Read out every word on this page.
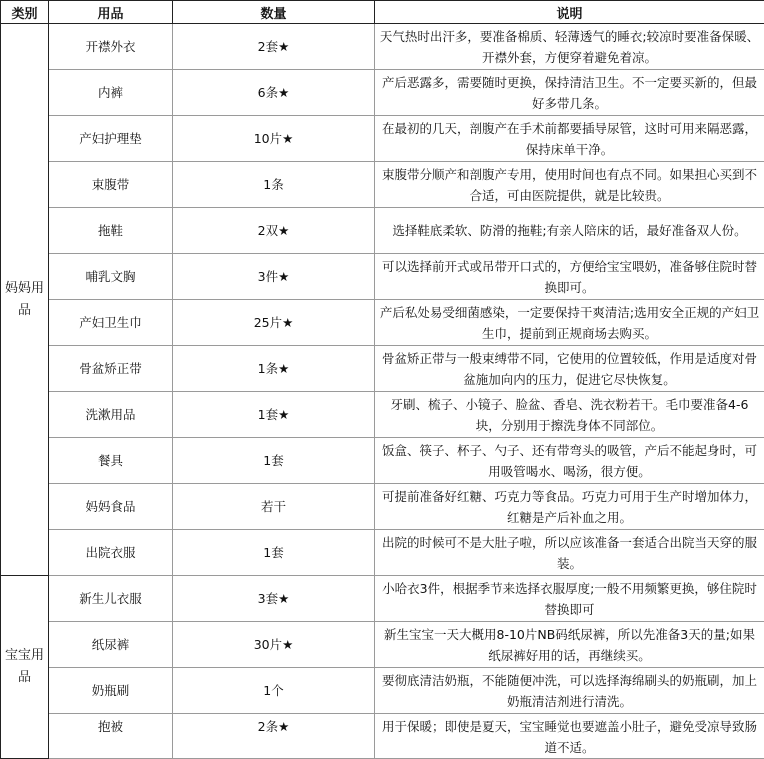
类别	用品	数量	说明
妈妈用品	开襟外衣	2套★	天气热时出汗多，要准备棉质、轻薄透气的睡衣;较凉时要准备保暖、开襟外套，方便穿着避免着凉。
	内裤	6条★	产后恶露多，需要随时更换，保持清洁卫生。不一定要买新的，但最好多带几条。
	产妇护理垫	10片★	在最初的几天，剖腹产在手术前都要插导尿管，这时可用来隔恶露，保持床单干净。
	束腹带	1条	束腹带分顺产和剖腹产专用，使用时间也有点不同。如果担心买到不合适，可由医院提供，就是比较贵。
	拖鞋	2双★	选择鞋底柔软、防滑的拖鞋;有亲人陪床的话，最好准备双人份。
	哺乳文胸	3件★	可以选择前开式或吊带开口式的，方便给宝宝喂奶，准备够住院时替换即可。
	产妇卫生巾	25片★	产后私处易受细菌感染，一定要保持干爽清洁;选用安全正规的产妇卫生巾，提前到正规商场去购买。
	骨盆矫正带	1条★	骨盆矫正带与一般束缚带不同，它使用的位置较低，作用是适度对骨盆施加向内的压力，促进它尽快恢复。
	洗漱用品	1套★	牙刷、梳子、小镜子、脸盆、香皂、洗衣粉若干。毛巾要准备4-6块，分别用于擦洗身体不同部位。
	餐具	1套	饭盒、筷子、杯子、勺子、还有带弯头的吸管，产后不能起身时，可用吸管喝水、喝汤，很方便。
	妈妈食品	若干	可提前准备好红糖、巧克力等食品。巧克力可用于生产时增加体力，红糖是产后补血之用。
	出院衣服	1套	出院的时候可不是大肚子啦，所以应该准备一套适合出院当天穿的服装。
宝宝用品	新生儿衣服	3套★	小哈衣3件，根据季节来选择衣服厚度;一般不用频繁更换，够住院时替换即可
	纸尿裤	30片★	新生宝宝一天大概用8-10片NB码纸尿裤，所以先准备3天的量;如果纸尿裤好用的话，再继续买。
	奶瓶刷	1个	要彻底清洁奶瓶，不能随便冲洗，可以选择海绵刷头的奶瓶刷，加上奶瓶清洁剂进行清洗。
	抱被	2条★	用于保暖；即使是夏天，宝宝睡觉也要遮盖小肚子，避免受凉导致肠道不适。
